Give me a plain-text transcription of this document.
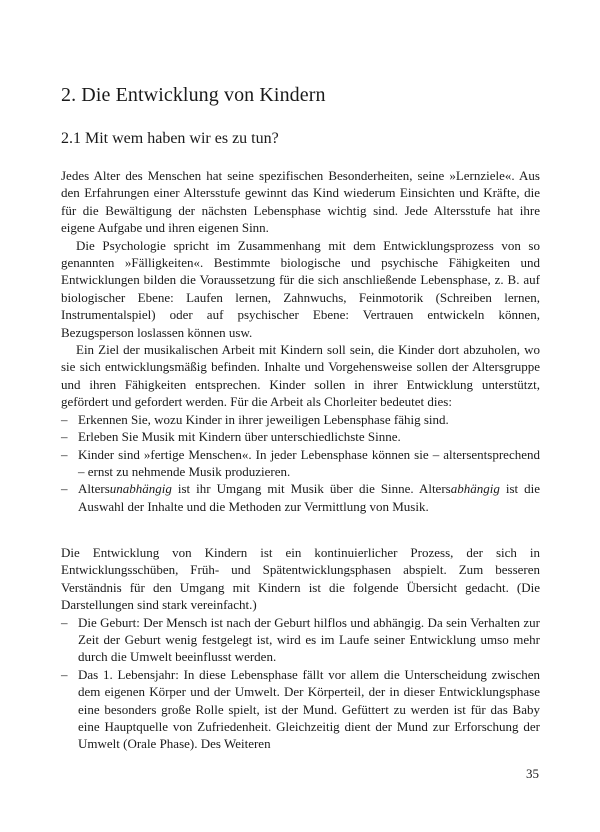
2. Die Entwicklung von Kindern
2.1 Mit wem haben wir es zu tun?

Jedes Alter des Menschen hat seine spezifischen Besonderheiten, seine »Lernziele«. Aus den Erfahrungen einer Altersstufe gewinnt das Kind wiederum Einsichten und Kräfte, die für die Bewältigung der nächsten Lebensphase wichtig sind. Jede Altersstufe hat ihre eigene Aufgabe und ihren eigenen Sinn.

Die Psychologie spricht im Zusammenhang mit dem Entwicklungsprozess von so genannten »Fälligkeiten«. Bestimmte biologische und psychische Fähigkeiten und Entwicklungen bilden die Voraussetzung für die sich anschließende Lebensphase, z. B. auf biologischer Ebene: Laufen lernen, Zahnwuchs, Feinmotorik (Schreiben lernen, Instrumentalspiel) oder auf psychischer Ebene: Vertrauen entwickeln können, Bezugsperson loslassen können usw.

Ein Ziel der musikalischen Arbeit mit Kindern soll sein, die Kinder dort abzuholen, wo sie sich entwicklungsmäßig befinden. Inhalte und Vorgehensweise sollen der Altersgruppe und ihren Fähigkeiten entsprechen. Kinder sollen in ihrer Entwicklung unterstützt, gefördert und gefordert werden. Für die Arbeit als Chorleiter bedeutet dies:

– Erkennen Sie, wozu Kinder in ihrer jeweiligen Lebensphase fähig sind.
– Erleben Sie Musik mit Kindern über unterschiedlichste Sinne.
– Kinder sind »fertige Menschen«. In jeder Lebensphase können sie – altersentsprechend – ernst zu nehmende Musik produzieren.
– Altersunabhängig ist ihr Umgang mit Musik über die Sinne. Altersabhängig ist die Auswahl der Inhalte und die Methoden zur Vermittlung von Musik.

Die Entwicklung von Kindern ist ein kontinuierlicher Prozess, der sich in Entwicklungsschüben, Früh- und Spätentwicklungsphasen abspielt. Zum besseren Verständnis für den Umgang mit Kindern ist die folgende Übersicht gedacht. (Die Darstellungen sind stark vereinfacht.)

– Die Geburt: Der Mensch ist nach der Geburt hilflos und abhängig. Da sein Verhalten zur Zeit der Geburt wenig festgelegt ist, wird es im Laufe seiner Entwicklung umso mehr durch die Umwelt beeinflusst werden.
– Das 1. Lebensjahr: In diese Lebensphase fällt vor allem die Unterscheidung zwischen dem eigenen Körper und der Umwelt. Der Körperteil, der in dieser Entwicklungsphase eine besonders große Rolle spielt, ist der Mund. Gefüttert zu werden ist für das Baby eine Hauptquelle von Zufriedenheit. Gleichzeitig dient der Mund zur Erforschung der Umwelt (Orale Phase). Des Weiteren
35
